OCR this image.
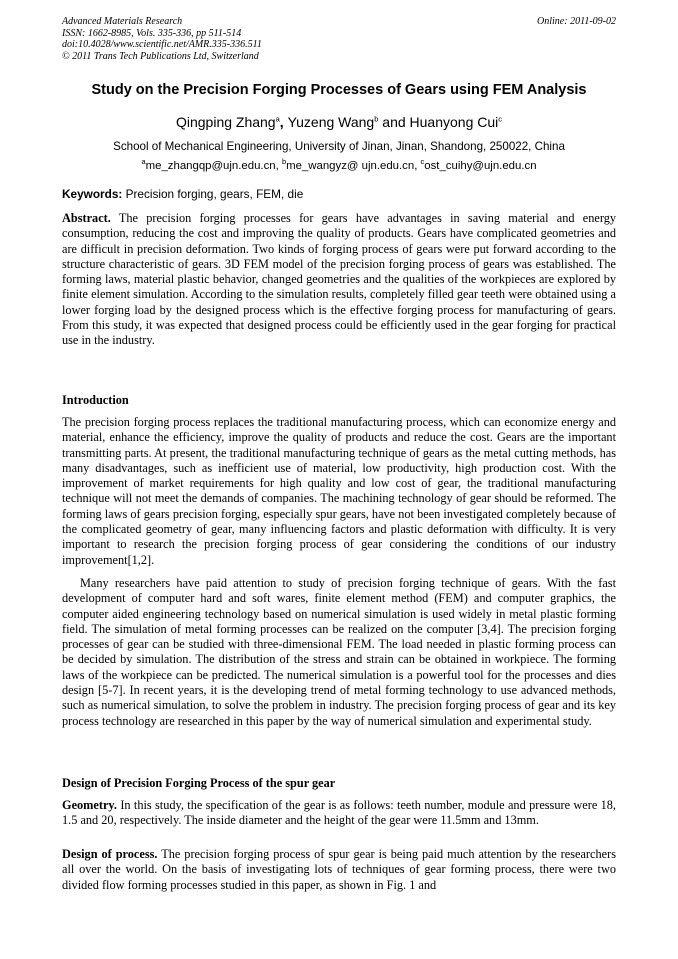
Advanced Materials Research
ISSN: 1662-8985, Vols. 335-336, pp 511-514
doi:10.4028/www.scientific.net/AMR.335-336.511
© 2011 Trans Tech Publications Ltd, Switzerland
Online: 2011-09-02
Study on the Precision Forging Processes of Gears using FEM Analysis
Qingping Zhang$^a$, Yuzeng Wang$^b$ and Huanyong Cui$^c$
School of Mechanical Engineering, University of Jinan, Jinan, Shandong, 250022, China
$^a$me_zhangqp@ujn.edu.cn, $^b$me_wangyz@ ujn.edu.cn, $^c$ost_cuihy@ujn.edu.cn
Keywords: Precision forging, gears, FEM, die

Abstract. The precision forging processes for gears have advantages in saving material and energy consumption, reducing the cost and improving the quality of products. Gears have complicated geometries and are difficult in precision deformation. Two kinds of forging process of gears were put forward according to the structure characteristic of gears. 3D FEM model of the precision forging process of gears was established. The forming laws, material plastic behavior, changed geometries and the qualities of the workpieces are explored by finite element simulation. According to the simulation results, completely filled gear teeth were obtained using a lower forging load by the designed process which is the effective forging process for manufacturing of gears. From this study, it was expected that designed process could be efficiently used in the gear forging for practical use in the industry.

Introduction

The precision forging process replaces the traditional manufacturing process, which can economize energy and material, enhance the efficiency, improve the quality of products and reduce the cost. Gears are the important transmitting parts. At present, the traditional manufacturing technique of gears as the metal cutting methods, has many disadvantages, such as inefficient use of material, low productivity, high production cost. With the improvement of market requirements for high quality and low cost of gear, the traditional manufacturing technique will not meet the demands of companies. The machining technology of gear should be reformed. The forming laws of gears precision forging, especially spur gears, have not been investigated completely because of the complicated geometry of gear, many influencing factors and plastic deformation with difficulty. It is very important to research the precision forging process of gear considering the conditions of our industry improvement[1,2].

Many researchers have paid attention to study of precision forging technique of gears. With the fast development of computer hard and soft wares, finite element method (FEM) and computer graphics, the computer aided engineering technology based on numerical simulation is used widely in metal plastic forming field. The simulation of metal forming processes can be realized on the computer [3,4]. The precision forging processes of gear can be studied with three-dimensional FEM. The load needed in plastic forming process can be decided by simulation. The distribution of the stress and strain can be obtained in workpiece. The forming laws of the workpiece can be predicted. The numerical simulation is a powerful tool for the processes and dies design [5-7]. In recent years, it is the developing trend of metal forming technology to use advanced methods, such as numerical simulation, to solve the problem in industry. The precision forging process of gear and its key process technology are researched in this paper by the way of numerical simulation and experimental study.

Design of Precision Forging Process of the spur gear

Geometry. In this study, the specification of the gear is as follows: teeth number, module and pressure were 18, 1.5 and 20, respectively. The inside diameter and the height of the gear were 11.5mm and 13mm.

Design of process. The precision forging process of spur gear is being paid much attention by the researchers all over the world. On the basis of investigating lots of techniques of gear forming process, there were two divided flow forming processes studied in this paper, as shown in Fig. 1 and
